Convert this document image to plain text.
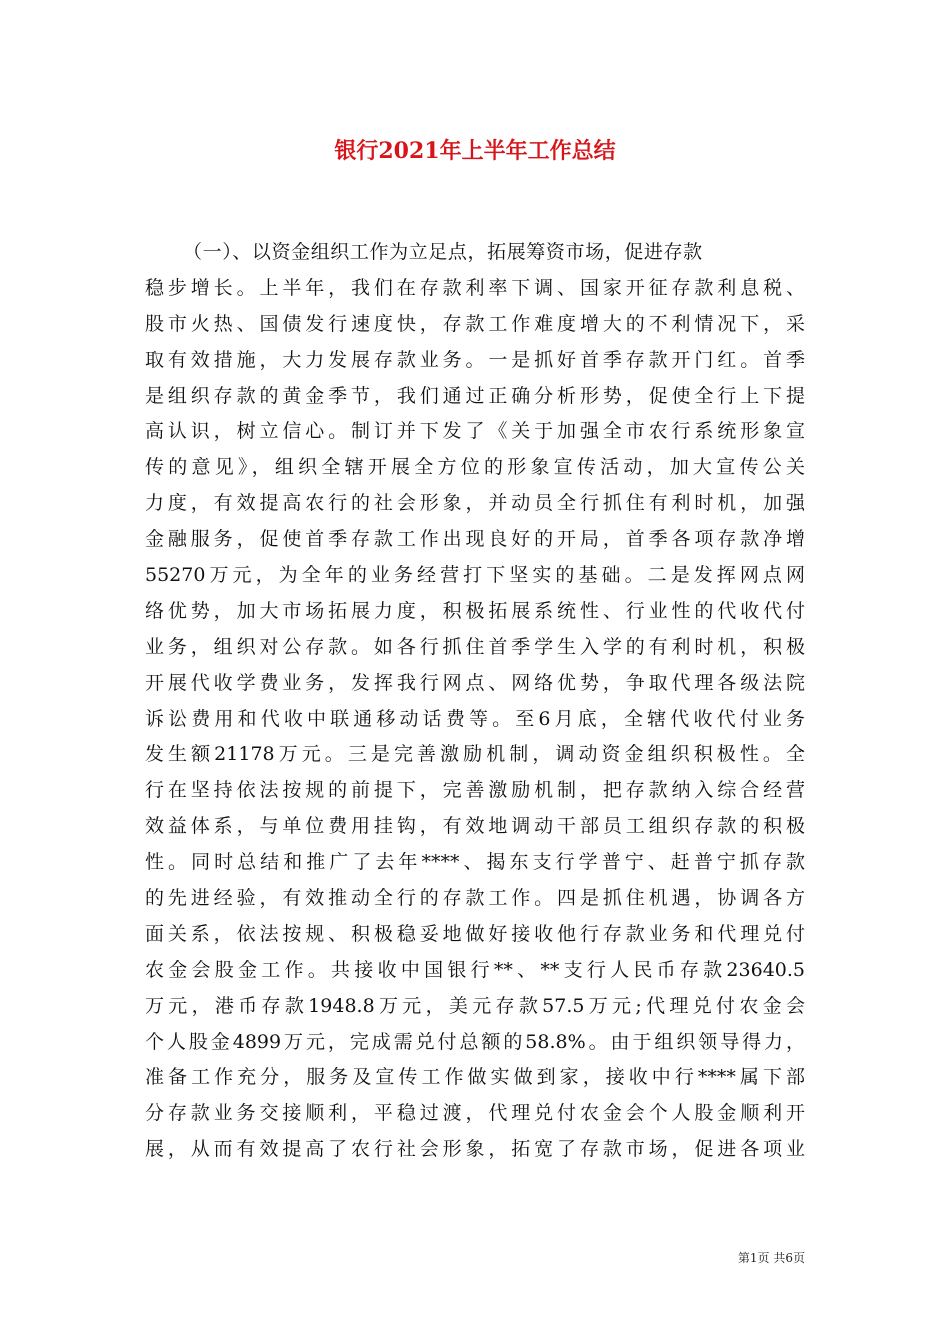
银行2021年上半年工作总结
（一）、以资金组织工作为立足点，拓展筹资市场，促进存款
稳步增长。上半年，我们在存款利率下调、国家开征存款利息税、
股市火热、国债发行速度快，存款工作难度增大的不利情况下，采
取有效措施，大力发展存款业务。一是抓好首季存款开门红。首季
是组织存款的黄金季节，我们通过正确分析形势，促使全行上下提
高认识，树立信心。制订并下发了《关于加强全市农行系统形象宣
传的意见》，组织全辖开展全方位的形象宣传活动，加大宣传公关
力度，有效提高农行的社会形象，并动员全行抓住有利时机，加强
金融服务，促使首季存款工作出现良好的开局，首季各项存款净增
55270万元，为全年的业务经营打下坚实的基础。二是发挥网点网
络优势，加大市场拓展力度，积极拓展系统性、行业性的代收代付
业务，组织对公存款。如各行抓住首季学生入学的有利时机，积极
开展代收学费业务，发挥我行网点、网络优势，争取代理各级法院
诉讼费用和代收中联通移动话费等。至6月底，全辖代收代付业务
发生额21178万元。三是完善激励机制，调动资金组织积极性。全
行在坚持依法按规的前提下，完善激励机制，把存款纳入综合经营
效益体系，与单位费用挂钩，有效地调动干部员工组织存款的积极
性。同时总结和推广了去年****、揭东支行学普宁、赶普宁抓存款
的先进经验，有效推动全行的存款工作。四是抓住机遇，协调各方
面关系，依法按规、积极稳妥地做好接收他行存款业务和代理兑付
农金会股金工作。共接收中国银行**、**支行人民币存款23640.5
万元，港币存款1948.8万元，美元存款57.5万元;代理兑付农金会
个人股金4899万元，完成需兑付总额的58.8%。由于组织领导得力，
准备工作充分，服务及宣传工作做实做到家，接收中行****属下部
分存款业务交接顺利，平稳过渡，代理兑付农金会个人股金顺利开
展，从而有效提高了农行社会形象，拓宽了存款市场，促进各项业
第1页 共6页
